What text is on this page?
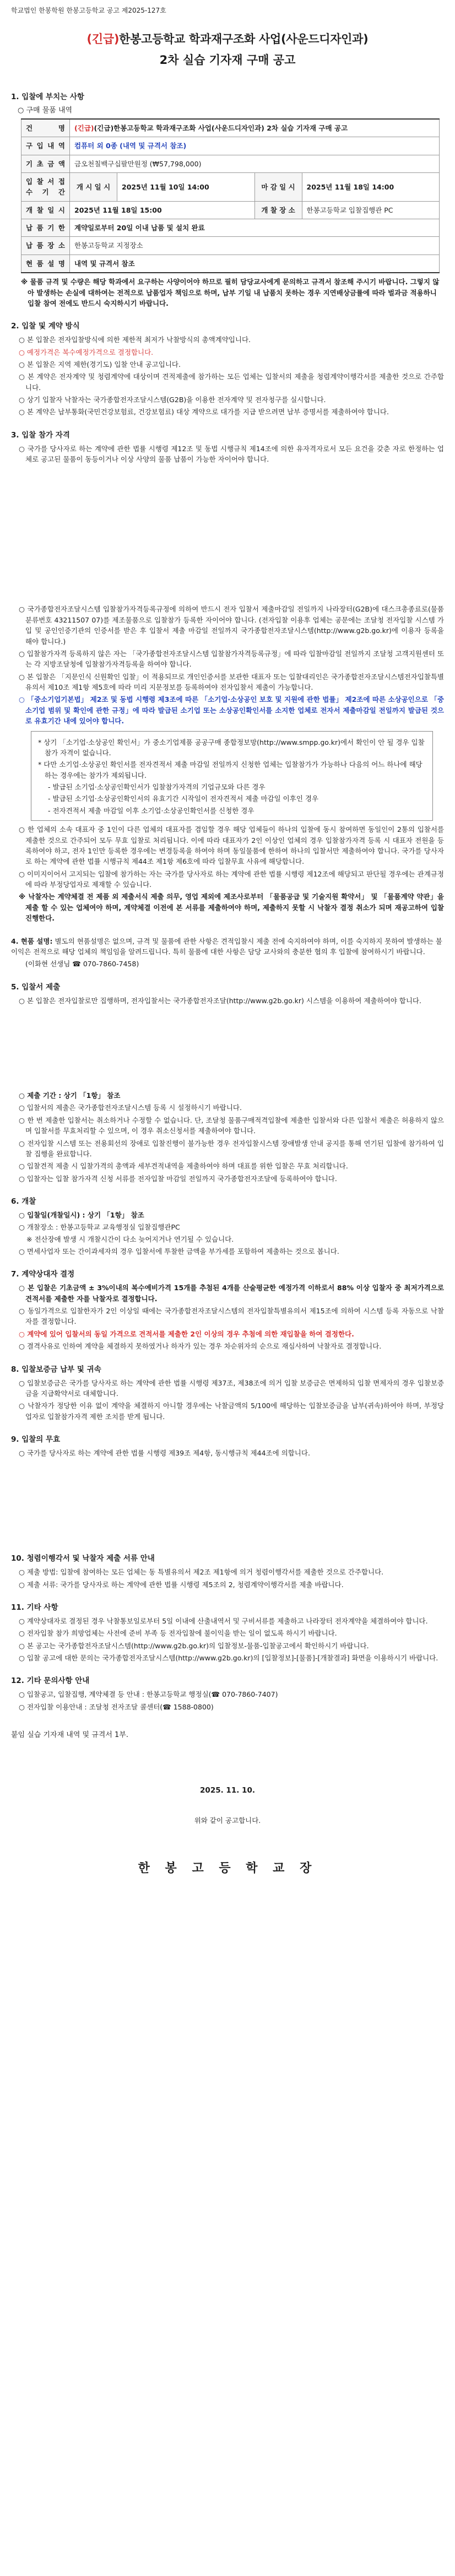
학교법인 한봉학원 한봉고등학교 공고 제2025-127호
(긴급)한봉고등학교 학과재구조화 사업(사운드디자인과)
2차 실습 기자재 구매 공고
1. 입찰에 부치는 사항
○ 구매 물품 내역
건 명	(긴급)(긴급)한봉고등학교 학과재구조화 사업(사운드디자인과) 2차 실습 기자재 구매 공고			
구 입 내 역	컴퓨터 외 0종 (내역 및 규격서 참조)			
기 초 금 액	금오천칠백구십팔만원정 (₩57,798,000)			
입 찰 서 접 수 기 간	개 시 일 시	2025년 11월 10일 14:00	마 감 일 시	2025년 11월 18일 14:00
개 찰 일 시	2025년 11월 18일 15:00		개 찰 장 소	한봉고등학교 입찰집행관 PC
납 품 기 한	계약일로부터 20일 이내 납품 및 설치 완료			
납 품 장 소	한봉고등학교 지정장소			
현 품 설 명	내역 및 규격서 참조			
※ 물품 규격 및 수량은 해당 학과에서 요구하는 사양이어야 하므로 필히 담당교사에게 문의하고 규격서 참조해 주시기 바랍니다. 그렇지 않아 발생하는 손실에 대하여는 전적으로 납품업자 책임으로 하며, 납부 기일 내 납품치 못하는 경우 지연배상금률에 따라 벌과금 적용하니 입찰 참여 전에도 반드시 숙지하시기 바랍니다.
2. 입찰 및 계약 방식
○ 본 입찰은 전자입찰방식에 의한 제한적 최저가 낙찰방식의 총액계약입니다.
○ 예정가격은 복수예정가격으로 결정합니다.
○ 본 입찰은 지역 제한(경기도) 입찰 안내 공고입니다.
○ 본 계약은 전자계약 및 청렴계약에 대상이며 견적제출에 참가하는 모든 업체는 입찰서의 제출을 청렴계약이행각서를 제출한 것으로 간주합니다.
○ 상기 입찰자 낙찰자는 국가종합전자조달시스템(G2B)을 이용한 전자계약 및 전자청구를 실시합니다.
○ 본 계약은 납부통화(국민건강보험료, 건강보험료) 대상 계약으로 대가를 지급 받으려면 납부 증명서를 제출하여야 합니다.
3. 입찰 참가 자격
○ 국가를 당사자로 하는 계약에 관한 법률 시행령 제12조 및 동법 시행규칙 제14조에 의한 유자격자로서 모든 요건을 갖춘 자로 한정하는 업체로 공고된 물품이 동등이거나 이상 사양의 물품 납품이 가능한 자이어야 합니다.
○ 국가종합전자조달시스템 입찰참가자격등록규정에 의하여 반드시 전자 입찰서 제출마감일 전일까지 나라장터(G2B)에 대스크총종료로(물품분류번호 43211507 07)를 제조물품으로 입찰참가 등록한 자이어야 합니다. (전자입찰 이용후 업체는 공문에는 조달청 전자입찰 시스템 가입 및 공인인증기관의 인증서를 받은 후 입찰서 제출 마감일 전일까지 국가종합전자조달시스템(http://www.g2b.go.kr)에 이용자 등록을 해야 합니다.)
○ 입찰참가자격 등록하지 않은 자는 「국가종합전자조달시스템 입찰참가자격등록규정」에 따라 입찰마감일 전일까지 조달청 고객지원센터 또는 각 지방조달청에 입찰참가자격등록을 하여야 합니다.
○ 본 입찰은 「지문인식 신원확인 입찰」이 적용되므로 개인인증서를 보관한 대표자 또는 입찰대리인은 국가종합전자조달시스템전자입찰특별유의서 제10조 제1항 제5호에 따라 미리 지문정보를 등록하여야 전자입찰서 제출이 가능합니다.
○ 「중소기업기본법」 제2조 및 동법 시행령 제3조에 따른 「소기업·소상공인 보호 및 지원에 관한 법률」 제2조에 따른 소상공인으로 「중소기업 범위 및 확인에 관한 규정」에 따라 발급된 소기업 또는 소상공인확인서를 소지한 업체로 전자서 제출마감일 전일까지 발급된 것으로 유효기간 내에 있어야 합니다.

* 상기 「소기업·소상공인 확인서」가 중소기업제품 공공구매 종합정보망(http://www.smpp.go.kr)에서 확인이 안 될 경우 입찰 참가 자격이 없습니다.

* 다만 소기업·소상공인 확인서를 전자견적서 제출 마감일 전일까지 신청한 업체는 입찰참가가 가능하나 다음의 어느 하나에 해당하는 경우에는 참가가 제외됩니다.

- 발급된 소기업·소상공인확인서가 입찰참가자격의 기업규모와 다른 경우

- 발급된 소기업·소상공인확인서의 유효기간 시작일이 전자견적서 제출 마감일 이후인 경우

- 전자견적서 제출 마감일 이후 소기업·소상공인확인서를 신청한 경우

○ 한 업체의 소속 대표자 중 1인이 다른 업체의 대표자를 겸임할 경우 해당 업체들이 하나의 입찰에 동시 참여하면 동일인이 2통의 입찰서를 제출한 것으로 간주되어 모두 무효 입찰로 처리됩니다. 이에 따라 대표자가 2인 이상인 업체의 경우 입찰참가자격 등록 시 대표자 전원을 등록하여야 하고, 전자 1인만 등록한 경우에는 변경등록을 하여야 하며 동일물품에 한하여 하나의 입찰서만 제출하여야 합니다. 국가를 당사자로 하는 계약에 관한 법률 시행규칙 제44조 제1항 제6호에 따라 입찰무효 사유에 해당합니다.
○ 이미지이어서 고지되는 입찰에 참가하는 자는 국가를 당사자로 하는 계약에 관한 법률 시행령 제12조에 해당되고 판단될 경우에는 관계규정에 따라 부정당업자로 제재할 수 있습니다.
※ 낙찰자는 계약체결 전 제품 외 제출서식 제출 의무, 영업 제외에 제조사로부터 「물품공급 및 기술지원 확약서」 및 「물품계약 약관」을 제출 할 수 있는 업체여야 하며, 계약체결 이전에 본 서류를 제출하여야 하며, 제출하지 못할 시 낙찰자 결정 취소가 되며 재공고하여 입찰 진행한다.
4. 현품 설명: 별도의 현품설명은 없으며, 규격 및 물품에 관한 사항은 견적입찰시 제출 전에 숙지하여야 하며, 이를 숙지하지 못하여 발생하는 불이익은 전적으로 해당 업체의 책임임을 알려드립니다. 특히 물품에 대한 사항은 담당 교사와의 충분한 협의 후 입찰에 참여하시기 바랍니다.
(이화현 선생님 ☎ 070-7860-7458)
5. 입찰서 제출
○ 본 입찰은 전자입찰로만 집행하며, 전자입찰서는 국가종합전자조달(http://www.g2b.go.kr) 시스템을 이용하여 제출하여야 합니다.
○ 제출 기간 : 상기 「1항」 참조
○ 입찰서의 제출은 국가종합전자조달시스템 등록 시 설정하시기 바랍니다.
○ 한 번 제출한 입찰서는 취소하거나 수정할 수 없습니다. 단, 조달청 물품구매적격입찰에 제출한 입찰서와 다른 입찰서 제출은 허용하지 않으며 입찰서를 무효처리할 수 있으며, 이 경우 취소신청서를 제출하여야 합니다.
○ 전자입찰 시스템 또는 전용회선의 장애로 입찰진행이 불가능한 경우 전자입찰시스템 장애발생 안내 공지를 통해 연기된 입찰에 참가하여 입찰 집행을 완료합니다.
○ 입찰견적 제출 시 입찰가격의 총액과 세부견적내역을 제출하여야 하며 대표를 위한 입찰은 무효 처리합니다.
○ 입찰자는 입찰 참가자격 신청 서류를 전자입찰 마감일 전일까지 국가종합전자조달에 등록하여야 합니다.
6. 개찰
○ 입찰일(개찰일시) : 상기 「1항」 참조
○ 개찰장소 : 한봉고등학교 교육행정실 입찰집행관PC
※ 전산장애 발생 시 개찰시간이 다소 늦어지거나 연기될 수 있습니다.
○ 면세사업자 또는 간이과세자의 경우 입찰서에 투찰한 금액을 부가세를 포함하여 제출하는 것으로 봅니다.
7. 계약상대자 결정
○ 본 입찰은 기초금액 ± 3%이내의 복수예비가격 15개를 추첨된 4개를 산술평균한 예정가격 이하로서 88% 이상 입찰자 중 최저가격으로 견적서를 제출한 자를 낙찰자로 결정합니다.
○ 동일가격으로 입찰한자가 2인 이상일 때에는 국가종합전자조달시스템의 전자입찰특별유의서 제15조에 의하여 시스템 등록 자동으로 낙찰자를 결정합니다.
○ 계약에 있어 입찰서의 동일 가격으로 견적서를 제출한 2인 이상의 경우 추첨에 의한 재입찰을 하여 결정한다.
○ 결격사유로 인하여 계약을 체결하지 못하였거나 하자가 있는 경우 차순위자의 순으로 재심사하여 낙찰자로 결정합니다.
8. 입찰보증금 납부 및 귀속
○ 입찰보증금은 국가를 당사자로 하는 계약에 관한 법률 시행령 제37조, 제38조에 의거 입찰 보증금은 면제하되 입찰 면제자의 경우 입찰보증금을 지급확약서로 대체합니다.
○ 낙찰자가 정당한 이유 없이 계약을 체결하지 아니할 경우에는 낙찰금액의 5/100에 해당하는 입찰보증금을 납부(귀속)하여야 하며, 부정당업자로 입찰참가자격 제한 조치를 받게 됩니다.
9. 입찰의 무효
○ 국가를 당사자로 하는 계약에 관한 법률 시행령 제39조 제4항, 동시행규칙 제44조에 의합니다.
10. 청렴이행각서 및 낙찰자 제출 서류 안내
○ 제출 방법: 입찰에 참여하는 모든 업체는 동 특별유의서 제2조 제1항에 의거 청렴이행각서를 제출한 것으로 간주합니다.
○ 제출 서류: 국가를 당사자로 하는 계약에 관한 법률 시행령 제5조의 2, 청렴계약이행각서를 제출 바랍니다.
11. 기타 사항
○ 계약상대자로 결정된 경우 낙찰통보일로부터 5일 이내에 산출내역서 및 구비서류를 제출하고 나라장터 전자계약을 체결하여야 합니다.
○ 전자입찰 참가 희망업체는 사전에 준비 부족 등 전자입찰에 불이익을 받는 일이 없도록 하시기 바랍니다.
○ 본 공고는 국가종합전자조달시스템(http://www.g2b.go.kr)의 입찰정보-물품-입찰공고에서 확인하시기 바랍니다.
○ 입찰 공고에 대한 문의는 국가종합전자조달시스템(http://www.g2b.go.kr)의 [입찰정보]-[물품]-[개찰결과] 화면을 이용하시기 바랍니다.
12. 기타 문의사항 안내
○ 입찰공고, 입찰집행, 계약체결 등 안내 : 한봉고등학교 행정실(☎ 070-7860-7407)
○ 전자입찰 이용안내 : 조달청 전자조달 콜센터(☎ 1588-0800)
붙임 실습 기자재 내역 및 규격서 1부.
2025. 11. 10.
위와 같이 공고합니다.
한 봉 고 등 학 교 장
